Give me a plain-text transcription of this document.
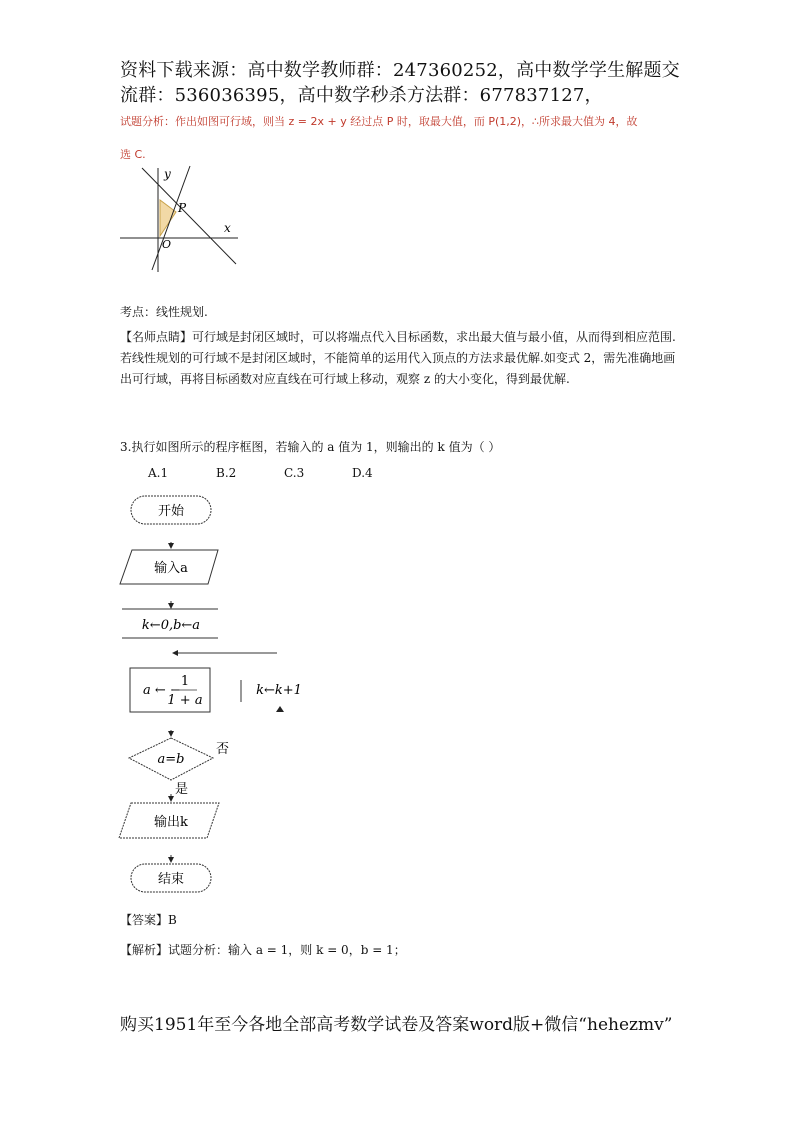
资料下载来源：高中数学教师群：247360252，高中数学学生解题交
流群：536036395，高中数学秒杀方法群：677837127，
试题分析：作出如图可行域，则当 z = 2x + y 经过点 P 时，取最大值，而 P(1,2)，∴所求最大值为 4，故
选 C.
y
x
P
O
考点：线性规划.
【名师点睛】可行域是封闭区域时，可以将端点代入目标函数，求出最大值与最小值，从而得到相应范围.若线性规划的可行域不是封闭区域时，不能简单的运用代入顶点的方法求最优解.如变式 2，需先准确地画出可行域，再将目标函数对应直线在可行域上移动，观察 z 的大小变化，得到最优解.
3.执行如图所示的程序框图，若输入的 a 值为 1，则输出的 k 值为（ ）
A.1	B.2	C.3	D.4
开始
输入a
k←0,b←a
a ← −
1
1 + a
k←k+1
a=b
否
是
输出k
结束
【答案】B
【解析】试题分析：输入 a = 1，则 k = 0，b = 1；
购买1951年至今各地全部高考数学试卷及答案word版+微信“hehezmv”
